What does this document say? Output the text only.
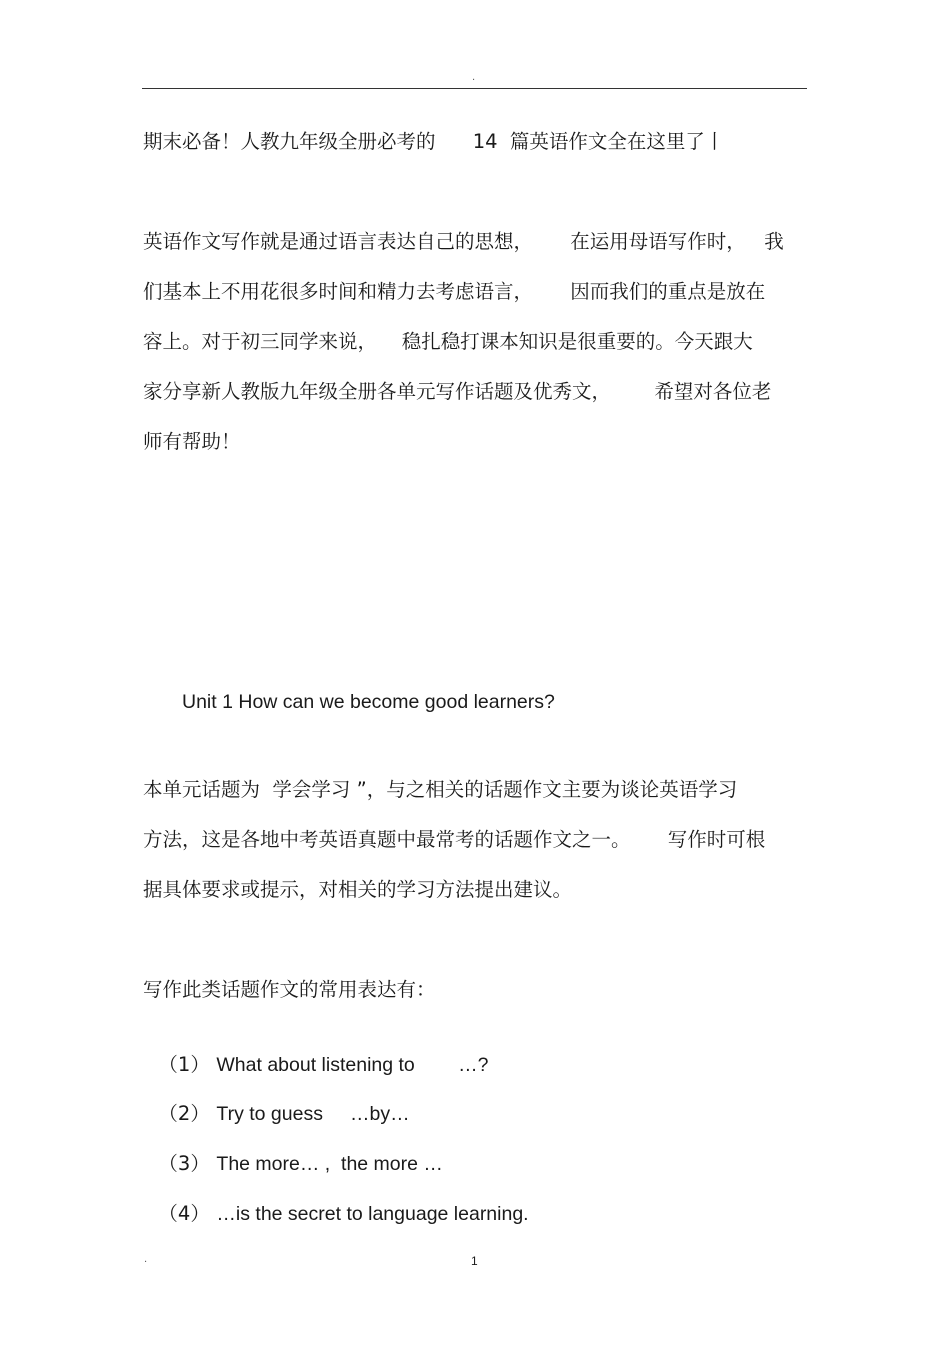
.
期末必备！人教九年级全册必考的      14  篇英语作文全在这里了丨
英语作文写作就是通过语言表达自己的思想，      在运用母语写作时，   我
们基本上不用花很多时间和精力去考虑语言，      因而我们的重点是放在
容上。对于初三同学来说，    稳扎稳打课本知识是很重要的。今天跟大
家分享新人教版九年级全册各单元写作话题及优秀文，       希望对各位老
师有帮助！
Unit 1 How can we become good learners?
本单元话题为  学会学习 ”，与之相关的话题作文主要为谈论英语学习
方法，这是各地中考英语真题中最常考的话题作文之一。      写作时可根
据具体要求或提示，对相关的学习方法提出建议。
写作此类话题作文的常用表达有：

（1） What about listening to        …?

（2） Try to guess     …by…

（3） The more… ,  the more …

（4） …is the secret to language learning.

.	1
